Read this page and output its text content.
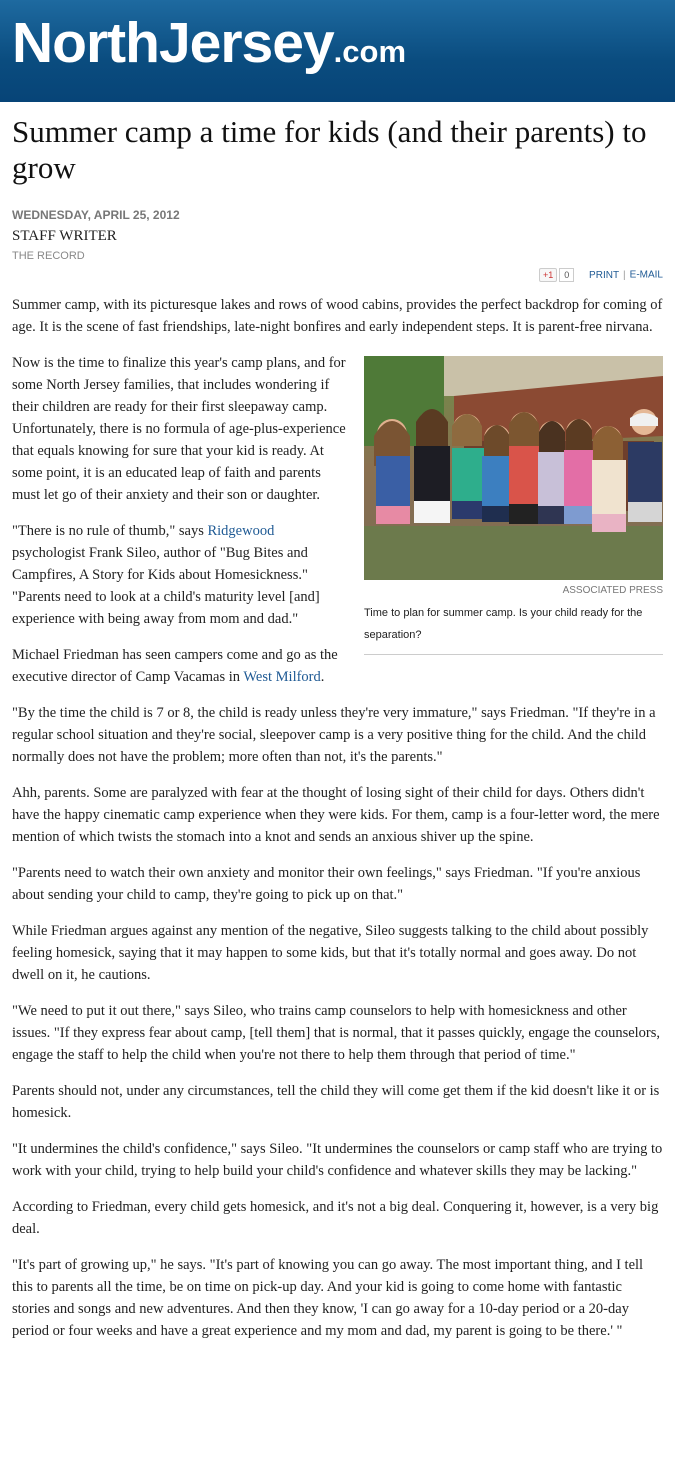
NorthJersey.com
Summer camp a time for kids (and their parents) to grow
WEDNESDAY, APRIL 25, 2012
STAFF WRITER
THE RECORD
+1 0 PRINT | E-MAIL

Summer camp, with its picturesque lakes and rows of wood cabins, provides the perfect backdrop for coming of age. It is the scene of fast friendships, late-night bonfires and early independent steps. It is parent-free nirvana.

ASSOCIATED PRESS
Time to plan for summer camp. Is your child ready for the separation?

Now is the time to finalize this year's camp plans, and for some North Jersey families, that includes wondering if their children are ready for their first sleepaway camp. Unfortunately, there is no formula of age-plus-experience that equals knowing for sure that your kid is ready. At some point, it is an educated leap of faith and parents must let go of their anxiety and their son or daughter.

"There is no rule of thumb," says Ridgewood psychologist Frank Sileo, author of "Bug Bites and Campfires, A Story for Kids about Homesickness." "Parents need to look at a child's maturity level [and] experience with being away from mom and dad."

Michael Friedman has seen campers come and go as the executive director of Camp Vacamas in West Milford.

"By the time the child is 7 or 8, the child is ready unless they're very immature," says Friedman. "If they're in a regular school situation and they're social, sleepover camp is a very positive thing for the child. And the child normally does not have the problem; more often than not, it's the parents."

Ahh, parents. Some are paralyzed with fear at the thought of losing sight of their child for days. Others didn't have the happy cinematic camp experience when they were kids. For them, camp is a four-letter word, the mere mention of which twists the stomach into a knot and sends an anxious shiver up the spine.

"Parents need to watch their own anxiety and monitor their own feelings," says Friedman. "If you're anxious about sending your child to camp, they're going to pick up on that."

While Friedman argues against any mention of the negative, Sileo suggests talking to the child about possibly feeling homesick, saying that it may happen to some kids, but that it's totally normal and goes away. Do not dwell on it, he cautions.

"We need to put it out there," says Sileo, who trains camp counselors to help with homesickness and other issues. "If they express fear about camp, [tell them] that is normal, that it passes quickly, engage the counselors, engage the staff to help the child when you're not there to help them through that period of time."

Parents should not, under any circumstances, tell the child they will come get them if the kid doesn't like it or is homesick.

"It undermines the child's confidence," says Sileo. "It undermines the counselors or camp staff who are trying to work with your child, trying to help build your child's confidence and whatever skills they may be lacking."

According to Friedman, every child gets homesick, and it's not a big deal. Conquering it, however, is a very big deal.

"It's part of growing up," he says. "It's part of knowing you can go away. The most important thing, and I tell this to parents all the time, be on time on pick-up day. And your kid is going to come home with fantastic stories and songs and new adventures. And then they know, 'I can go away for a 10-day period or a 20-day period or four weeks and have a great experience and my mom and dad, my parent is going to be there.' "
